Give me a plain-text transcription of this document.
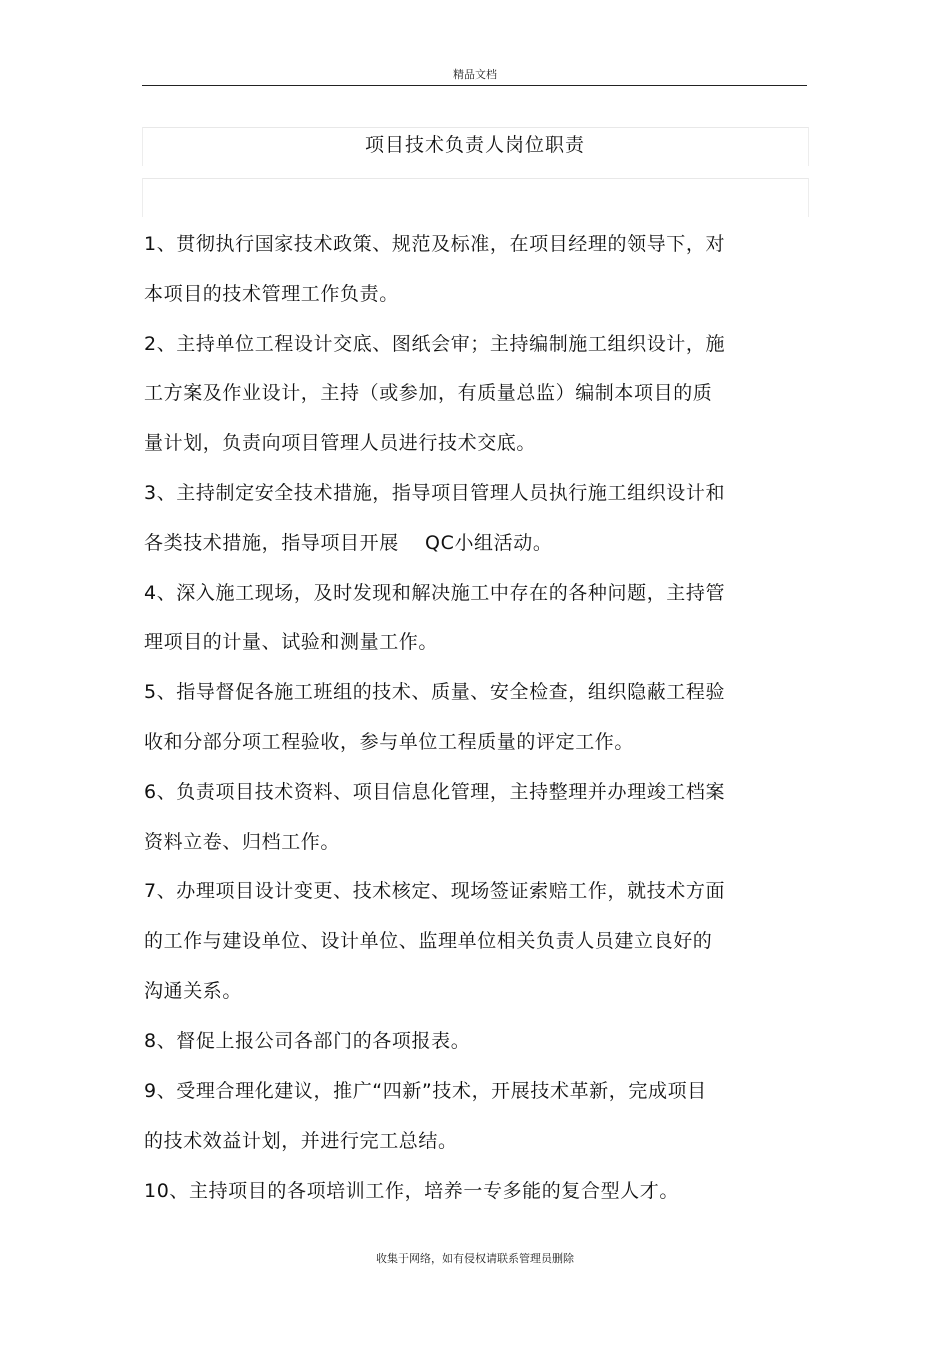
精品文档
项目技术负责人岗位职责
1、贯彻执行国家技术政策、规范及标准，在项目经理的领导下，对
本项目的技术管理工作负责。
2、主持单位工程设计交底、图纸会审；主持编制施工组织设计，施
工方案及作业设计，主持（或参加，有质量总监）编制本项目的质
量计划，负责向项目管理人员进行技术交底。
3、主持制定安全技术措施，指导项目管理人员执行施工组织设计和
各类技术措施，指导项目开展　 QC小组活动。
4、深入施工现场，及时发现和解决施工中存在的各种问题，主持管
理项目的计量、试验和测量工作。
5、指导督促各施工班组的技术、质量、安全检查，组织隐蔽工程验
收和分部分项工程验收，参与单位工程质量的评定工作。
6、负责项目技术资料、项目信息化管理，主持整理并办理竣工档案
资料立卷、归档工作。
7、办理项目设计变更、技术核定、现场签证索赔工作，就技术方面
的工作与建设单位、设计单位、监理单位相关负责人员建立良好的
沟通关系。
8、督促上报公司各部门的各项报表。
9、受理合理化建议，推广“四新”技术，开展技术革新，完成项目
的技术效益计划，并进行完工总结。
10、主持项目的各项培训工作，培养一专多能的复合型人才。
收集于网络，如有侵权请联系管理员删除
